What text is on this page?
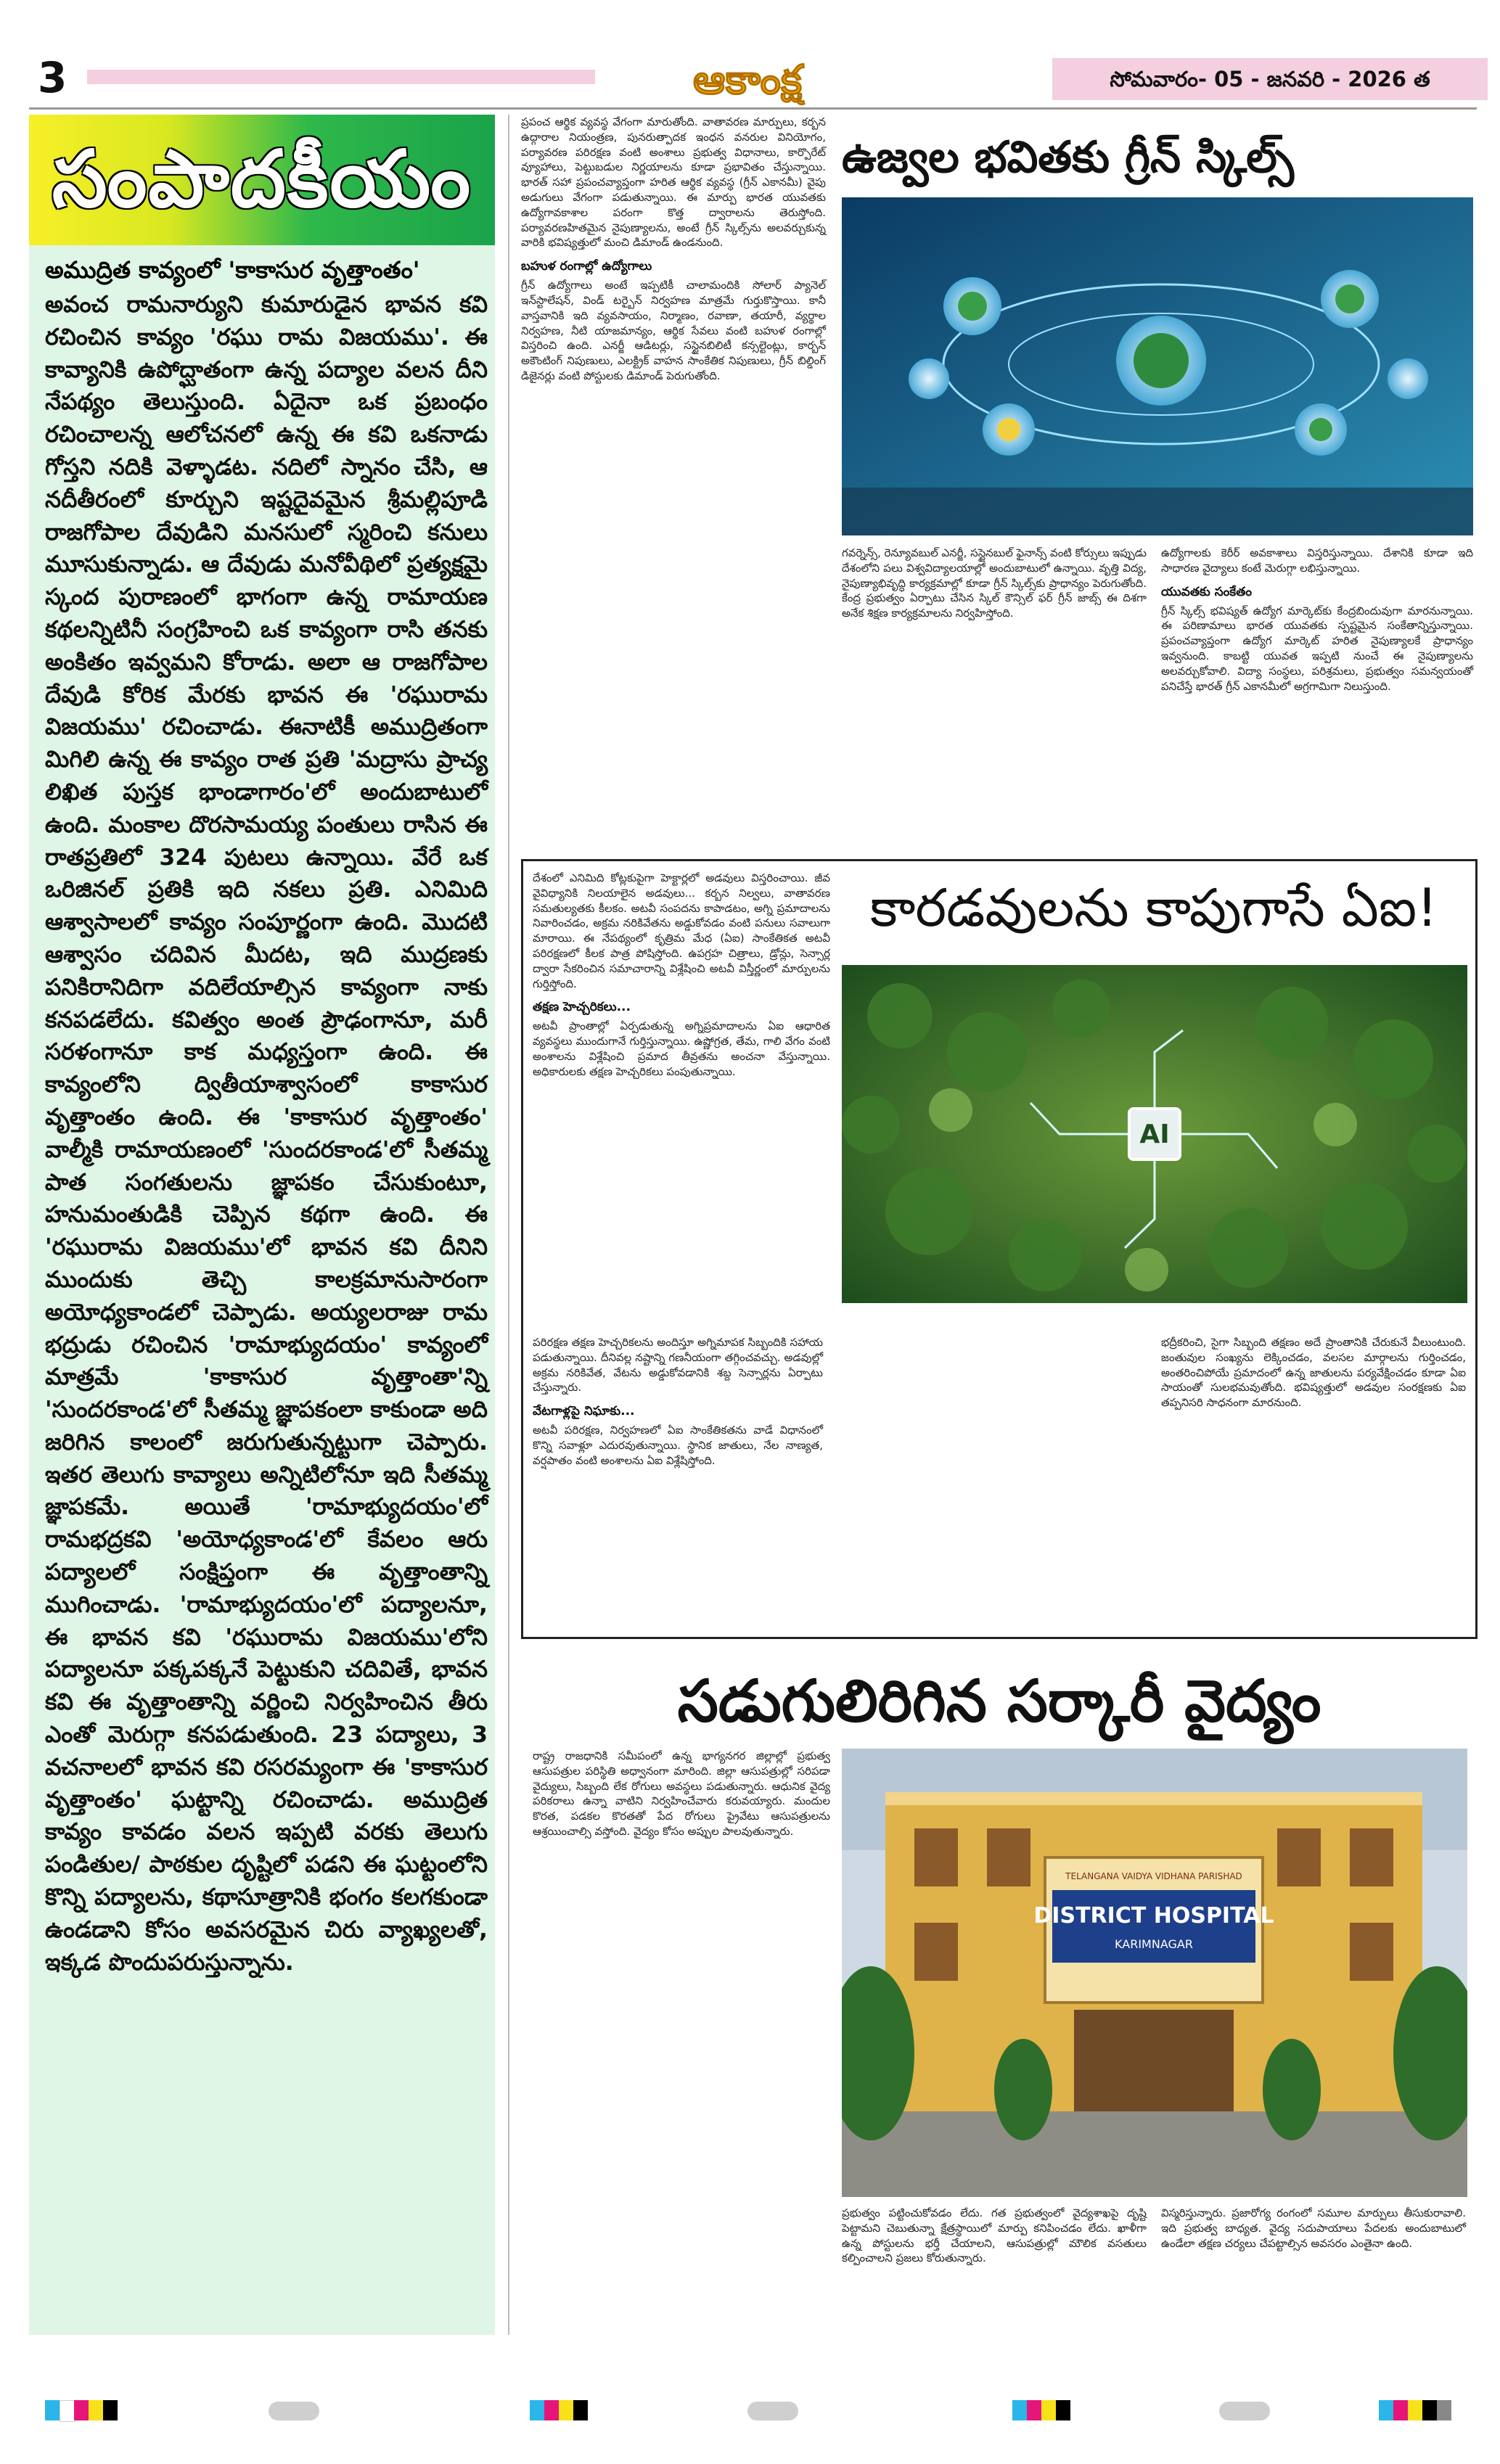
3	ఆకాంక్ష	సోమవారం- 05 - జనవరి - 2026 త
సంపాదకీయం
అముద్రిత కావ్యంలో 'కాకాసుర వృత్తాంతం'

అవంచ రామనార్యుని కుమారుడైన భావన కవి రచించిన కావ్యం 'రఘు రామ విజయము'. ఈ కావ్యానికి ఉపోద్ఘాతంగా ఉన్న పద్యాల వలన దీని నేపథ్యం తెలుస్తుంది. ఏదైనా ఒక ప్రబంధం రచించాలన్న ఆలోచనలో ఉన్న ఈ కవి ఒకనాడు గోస్తని నదికి వెళ్ళాడట. నదిలో స్నానం చేసి, ఆ నదీతీరంలో కూర్చుని ఇష్టదైవమైన శ్రీమల్లిపూడి రాజగోపాల దేవుడిని మనసులో స్మరించి కనులు మూసుకున్నాడు. ఆ దేవుడు మనోవీథిలో ప్రత్యక్షమై స్కంద పురాణంలో భాగంగా ఉన్న రామాయణ కథలన్నిటినీ సంగ్రహించి ఒక కావ్యంగా రాసి తనకు అంకితం ఇవ్వమని కోరాడు. అలా ఆ రాజగోపాల దేవుడి కోరిక మేరకు భావన ఈ 'రఘురామ విజయము' రచించాడు. ఈనాటికీ అముద్రితంగా మిగిలి ఉన్న ఈ కావ్యం రాత ప్రతి 'మద్రాసు ప్రాచ్య లిఖిత పుస్తక భాండాగారం'లో అందుబాటులో ఉంది. మంకాల దొరసామయ్య పంతులు రాసిన ఈ రాతప్రతిలో 324 పుటలు ఉన్నాయి. వేరే ఒక ఒరిజినల్ ప్రతికి ఇది నకలు ప్రతి. ఎనిమిది ఆశ్వాసాలలో కావ్యం సంపూర్ణంగా ఉంది. మొదటి ఆశ్వాసం చదివిన మీదట, ఇది ముద్రణకు పనికిరానిదిగా వదిలేయాల్సిన కావ్యంగా నాకు కనపడలేదు. కవిత్వం అంత ప్రౌఢంగానూ, మరీ సరళంగానూ కాక మధ్యస్తంగా ఉంది. ఈ కావ్యంలోని ద్వితీయాశ్వాసంలో కాకాసుర వృత్తాంతం ఉంది. ఈ 'కాకాసుర వృత్తాంతం' వాల్మీకి రామాయణంలో 'సుందరకాండ'లో సీతమ్మ పాత సంగతులను జ్ఞాపకం చేసుకుంటూ, హనుమంతుడికి చెప్పిన కథగా ఉంది. ఈ 'రఘురామ విజయము'లో భావన కవి దీనిని ముందుకు తెచ్చి కాలక్రమానుసారంగా అయోధ్యకాండలో చెప్పాడు. అయ్యలరాజు రామ భద్రుడు రచించిన 'రామాభ్యుదయం' కావ్యంలో మాత్రమే 'కాకాసుర వృత్తాంతా'న్ని 'సుందరకాండ'లో సీతమ్మ జ్ఞాపకంలా కాకుండా అది జరిగిన కాలంలో జరుగుతున్నట్టుగా చెప్పారు. ఇతర తెలుగు కావ్యాలు అన్నిటిలోనూ ఇది సీతమ్మ జ్ఞాపకమే. అయితే 'రామాభ్యుదయం'లో రామభద్రకవి 'అయోధ్యకాండ'లో కేవలం ఆరు పద్యాలలో సంక్షిప్తంగా ఈ వృత్తాంతాన్ని ముగించాడు. 'రామాభ్యుదయం'లో పద్యాలనూ, ఈ భావన కవి 'రఘురామ విజయము'లోని పద్యాలనూ పక్కపక్కనే పెట్టుకుని చదివితే, భావన కవి ఈ వృత్తాంతాన్ని వర్ణించి నిర్వహించిన తీరు ఎంతో మెరుగ్గా కనపడుతుంది. 23 పద్యాలు, 3 వచనాలలో భావన కవి రసరమ్యంగా ఈ 'కాకాసుర వృత్తాంతం' ఘట్టాన్ని రచించాడు. అముద్రిత కావ్యం కావడం వలన ఇప్పటి వరకు తెలుగు పండితుల/ పాఠకుల దృష్టిలో పడని ఈ ఘట్టంలోని కొన్ని పద్యాలను, కథాసూత్రానికి భంగం కలగకుండా ఉండడాని కోసం అవసరమైన చిరు వ్యాఖ్యలతో, ఇక్కడ పొందుపరుస్తున్నాను.

ప్రపంచ ఆర్థిక వ్యవస్థ వేగంగా మారుతోంది. వాతావరణ మార్పులు, కర్బన ఉద్గారాల నియంత్రణ, పునరుత్పాదక ఇంధన వనరుల వినియోగం, పర్యావరణ పరిరక్షణ వంటి అంశాలు ప్రభుత్వ విధానాలు, కార్పొరేట్ వ్యూహాలు, పెట్టుబడుల నిర్ణయాలను కూడా ప్రభావితం చేస్తున్నాయి. భారత్ సహా ప్రపంచవ్యాప్తంగా హరిత ఆర్థిక వ్యవస్థ (గ్రీన్ ఎకానమీ) వైపు అడుగులు వేగంగా పడుతున్నాయి. ఈ మార్పు భారత యువతకు ఉద్యోగావకాశాల పరంగా కొత్త ద్వారాలను తెరుస్తోంది. పర్యావరణహితమైన నైపుణ్యాలను, అంటే గ్రీన్ స్కిల్స్‌ను అలవర్చుకున్న వారికి భవిష్యత్తులో మంచి డిమాండ్ ఉండనుంది.

బహుళ రంగాల్లో ఉద్యోగాలు

గ్రీన్ ఉద్యోగాలు అంటే ఇప్పటికీ చాలామందికి సోలార్ ప్యానెల్ ఇన్‌స్టాలేషన్, విండ్ టర్బైన్ నిర్వహణ మాత్రమే గుర్తుకొస్తాయి. కానీ వాస్తవానికి ఇది వ్యవసాయం, నిర్మాణం, రవాణా, తయారీ, వ్యర్థాల నిర్వహణ, నీటి యాజమాన్యం, ఆర్థిక సేవలు వంటి బహుళ రంగాల్లో విస్తరించి ఉంది. ఎనర్జీ ఆడిటర్లు, సస్టైనబిలిటీ కన్సల్టెంట్లు, కార్బన్ అకౌంటింగ్ నిపుణులు, ఎలక్ట్రిక్ వాహన సాంకేతిక నిపుణులు, గ్రీన్ బిల్డింగ్ డిజైనర్లు వంటి పోస్టులకు డిమాండ్ పెరుగుతోంది.

ఉజ్వల భవితకు గ్రీన్ స్కిల్స్

గవర్నెన్స్, రెన్యూవబుల్ ఎనర్జీ, సస్టైనబుల్ ఫైనాన్స్ వంటి కోర్సులు ఇప్పుడు దేశంలోని పలు విశ్వవిద్యాలయాల్లో అందుబాటులో ఉన్నాయి. వృత్తి విద్య, నైపుణ్యాభివృద్ధి కార్యక్రమాల్లో కూడా గ్రీన్ స్కిల్స్‌కు ప్రాధాన్యం పెరుగుతోంది. కేంద్ర ప్రభుత్వం ఏర్పాటు చేసిన స్కిల్ కౌన్సిల్ ఫర్ గ్రీన్ జాబ్స్ ఈ దిశగా అనేక శిక్షణ కార్యక్రమాలను నిర్వహిస్తోంది.

ఉద్యోగాలకు కెరీర్ అవకాశాలు విస్తరిస్తున్నాయి. దేశానికి కూడా ఇది సాధారణ వైద్యాలు కంటే మెరుగ్గా లభిస్తున్నాయి.

యువతకు సంకేతం

గ్రీన్ స్కిల్స్ భవిష్యత్ ఉద్యోగ మార్కెట్‌కు కేంద్రబిందువుగా మారనున్నాయి. ఈ పరిణామాలు భారత యువతకు స్పష్టమైన సంకేతాన్నిస్తున్నాయి. ప్రపంచవ్యాప్తంగా ఉద్యోగ మార్కెట్ హరిత నైపుణ్యాలకే ప్రాధాన్యం ఇవ్వనుంది. కాబట్టి యువత ఇప్పటి నుంచే ఈ నైపుణ్యాలను అలవర్చుకోవాలి. విద్యా సంస్థలు, పరిశ్రమలు, ప్రభుత్వం సమన్వయంతో పనిచేస్తే భారత్ గ్రీన్ ఎకానమీలో అగ్రగామిగా నిలుస్తుంది.

దేశంలో ఎనిమిది కోట్లకుపైగా హెక్టార్లలో అడవులు విస్తరించాయి. జీవ వైవిధ్యానికి నిలయాలైన అడవులు... కర్బన నిల్వలు, వాతావరణ సమతుల్యతకు కీలకం. అటవీ సంపదను కాపాడటం, అగ్ని ప్రమాదాలను నివారించడం, అక్రమ నరికివేతను అడ్డుకోవడం వంటి పనులు సవాలుగా మారాయి. ఈ నేపథ్యంలో కృత్రిమ మేధ (ఏఐ) సాంకేతికత అటవీ పరిరక్షణలో కీలక పాత్ర పోషిస్తోంది. ఉపగ్రహ చిత్రాలు, డ్రోన్లు, సెన్సార్ల ద్వారా సేకరించిన సమాచారాన్ని విశ్లేషించి అటవీ విస్తీర్ణంలో మార్పులను గుర్తిస్తోంది.

తక్షణ హెచ్చరికలు...

అటవీ ప్రాంతాల్లో ఏర్పడుతున్న అగ్నిప్రమాదాలను ఏఐ ఆధారిత వ్యవస్థలు ముందుగానే గుర్తిస్తున్నాయి. ఉష్ణోగ్రత, తేమ, గాలి వేగం వంటి అంశాలను విశ్లేషించి ప్రమాద తీవ్రతను అంచనా వేస్తున్నాయి. అధికారులకు తక్షణ హెచ్చరికలు పంపుతున్నాయి.

కారడవులను కాపుగాసే ఏఐ!
AI

పరిరక్షణ తక్షణ హెచ్చరికలను అందిస్తూ అగ్నిమాపక సిబ్బందికి సహాయ పడుతున్నాయి. దీనివల్ల నష్టాన్ని గణనీయంగా తగ్గించవచ్చు. అడవుల్లో అక్రమ నరికివేత, వేటను అడ్డుకోవడానికి శబ్ద సెన్సార్లను ఏర్పాటు చేస్తున్నారు.

వేటగాళ్లపై నిఘాకు...

అటవీ పరిరక్షణ, నిర్వహణలో ఏఐ సాంకేతికతను వాడే విధానంలో కొన్ని సవాళ్లూ ఎదురవుతున్నాయి. స్థానిక జాతులు, నేల నాణ్యత, వర్షపాతం వంటి అంశాలను ఏఐ విశ్లేషిస్తోంది.

భద్రీకరించి, సైగా సిబ్బంది తక్షణం అదే ప్రాంతానికి చేరుకునే వీలుంటుంది. జంతువుల సంఖ్యను లెక్కించడం, వలసల మార్గాలను గుర్తించడం, అంతరించిపోయే ప్రమాదంలో ఉన్న జాతులను పర్యవేక్షించడం కూడా ఏఐ సాయంతో సులభమవుతోంది. భవిష్యత్తులో అడవుల సంరక్షణకు ఏఐ తప్పనిసరి సాధనంగా మారనుంది.

సడుగులిరిగిన సర్కారీ వైద్యం

రాష్ట్ర రాజధానికి సమీపంలో ఉన్న భాగ్యనగర జిల్లాల్లో ప్రభుత్వ ఆసుపత్రుల పరిస్థితి అధ్వానంగా మారింది. జిల్లా ఆసుపత్రుల్లో సరిపడా వైద్యులు, సిబ్బంది లేక రోగులు అవస్థలు పడుతున్నారు. ఆధునిక వైద్య పరికరాలు ఉన్నా వాటిని నిర్వహించేవారు కరువయ్యారు. మందుల కొరత, పడకల కొరతతో పేద రోగులు ప్రైవేటు ఆసుపత్రులను ఆశ్రయించాల్సి వస్తోంది. వైద్యం కోసం అప్పుల పాలవుతున్నారు.

TELANGANA VAIDYA VIDHANA PARISHAD
DISTRICT HOSPITAL
KARIMNAGAR

ప్రభుత్వం పట్టించుకోవడం లేదు. గత ప్రభుత్వంలో వైద్యశాఖపై దృష్టి పెట్టామని చెబుతున్నా క్షేత్రస్థాయిలో మార్పు కనిపించడం లేదు. ఖాళీగా ఉన్న పోస్టులను భర్తీ చేయాలని, ఆసుపత్రుల్లో మౌలిక వసతులు కల్పించాలని ప్రజలు కోరుతున్నారు.

విస్మరిస్తున్నారు. ప్రజారోగ్య రంగంలో సమూల మార్పులు తీసుకురావాలి. ఇది ప్రభుత్వ బాధ్యత. వైద్య సదుపాయాలు పేదలకు అందుబాటులో ఉండేలా తక్షణ చర్యలు చేపట్టాల్సిన అవసరం ఎంతైనా ఉంది.
